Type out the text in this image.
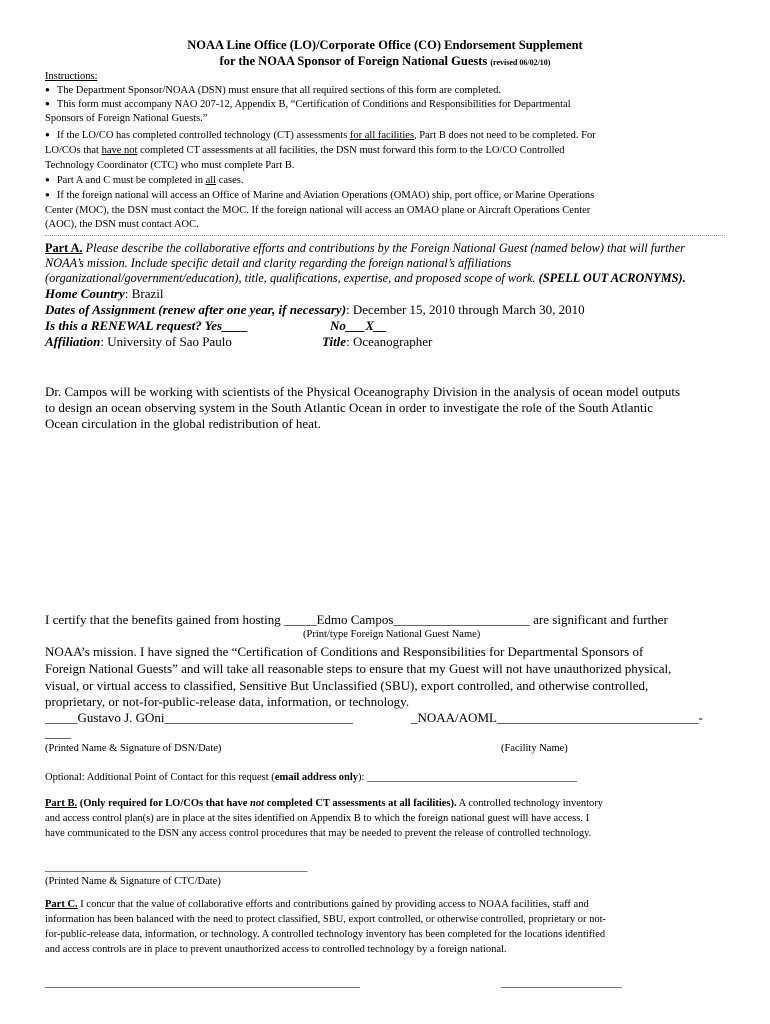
NOAA Line Office (LO)/Corporate Office (CO) Endorsement Supplement
for the NOAA Sponsor of Foreign National Guests (revised 06/02/10)
Instructions:
● The Department Sponsor/NOAA (DSN) must ensure that all required sections of this form are completed.
● This form must accompany NAO 207-12, Appendix B, “Certification of Conditions and Responsibilities for Departmental
Sponsors of Foreign National Guests.”
● If the LO/CO has completed controlled technology (CT) assessments for all facilities, Part B does not need to be completed. For
LO/COs that have not completed CT assessments at all facilities, the DSN must forward this form to the LO/CO Controlled
Technology Coordinator (CTC) who must complete Part B.
● Part A and C must be completed in all cases.
● If the foreign national will access an Office of Marine and Aviation Operations (OMAO) ship, port office, or Marine Operations
Center (MOC), the DSN must contact the MOC. If the foreign national will access an OMAO plane or Aircraft Operations Center
(AOC), the DSN must contact AOC.
Part A. Please describe the collaborative efforts and contributions by the Foreign National Guest (named below) that will further
NOAA’s mission. Include specific detail and clarity regarding the foreign national’s affiliations
(organizational/government/education), title, qualifications, expertise, and proposed scope of work. (SPELL OUT ACRONYMS).
Home Country: Brazil
Dates of Assignment (renew after one year, if necessary): December 15, 2010 through March 30, 2010
Is this a RENEWAL request? Yes____	No___X__
Affiliation: University of Sao Paulo	Title: Oceanographer
Dr. Campos will be working with scientists of the Physical Oceanography Division in the analysis of ocean model outputs
to design an ocean observing system in the South Atlantic Ocean in order to investigate the role of the South Atlantic
Ocean circulation in the global redistribution of heat.
I certify that the benefits gained from hosting _____Edmo Campos_____________________ are significant and further
(Print/type Foreign National Guest Name)
NOAA’s mission. I have signed the “Certification of Conditions and Responsibilities for Departmental Sponsors of
Foreign National Guests” and will take all reasonable steps to ensure that my Guest will not have unauthorized physical,
visual, or virtual access to classified, Sensitive But Unclassified (SBU), export controlled, and otherwise controlled,
proprietary, or not-for-public-release data, information, or technology.
_____Gustavo J. GOni_____________________________	_NOAA/AOML_______________________________-
____
(Printed Name & Signature of DSN/Date)	(Facility Name)
Optional: Additional Point of Contact for this request (email address only): ________________________________________
Part B. (Only required for LO/COs that have not completed CT assessments at all facilities). A controlled technology inventory
and access control plan(s) are in place at the sites identified on Appendix B to which the foreign national guest will have access. I
have communicated to the DSN any access control procedures that may be needed to prevent the release of controlled technology.
__________________________________________________
(Printed Name & Signature of CTC/Date)
Part C. I concur that the value of collaborative efforts and contributions gained by providing access to NOAA facilities, staff and
information has been balanced with the need to protect classified, SBU, export controlled, or otherwise controlled, proprietary or not-
for-public-release data, information, or technology. A controlled technology inventory has been completed for the locations identified
and access controls are in place to prevent unauthorized access to controlled technology by a foreign national.
____________________________________________________________	_______________________
